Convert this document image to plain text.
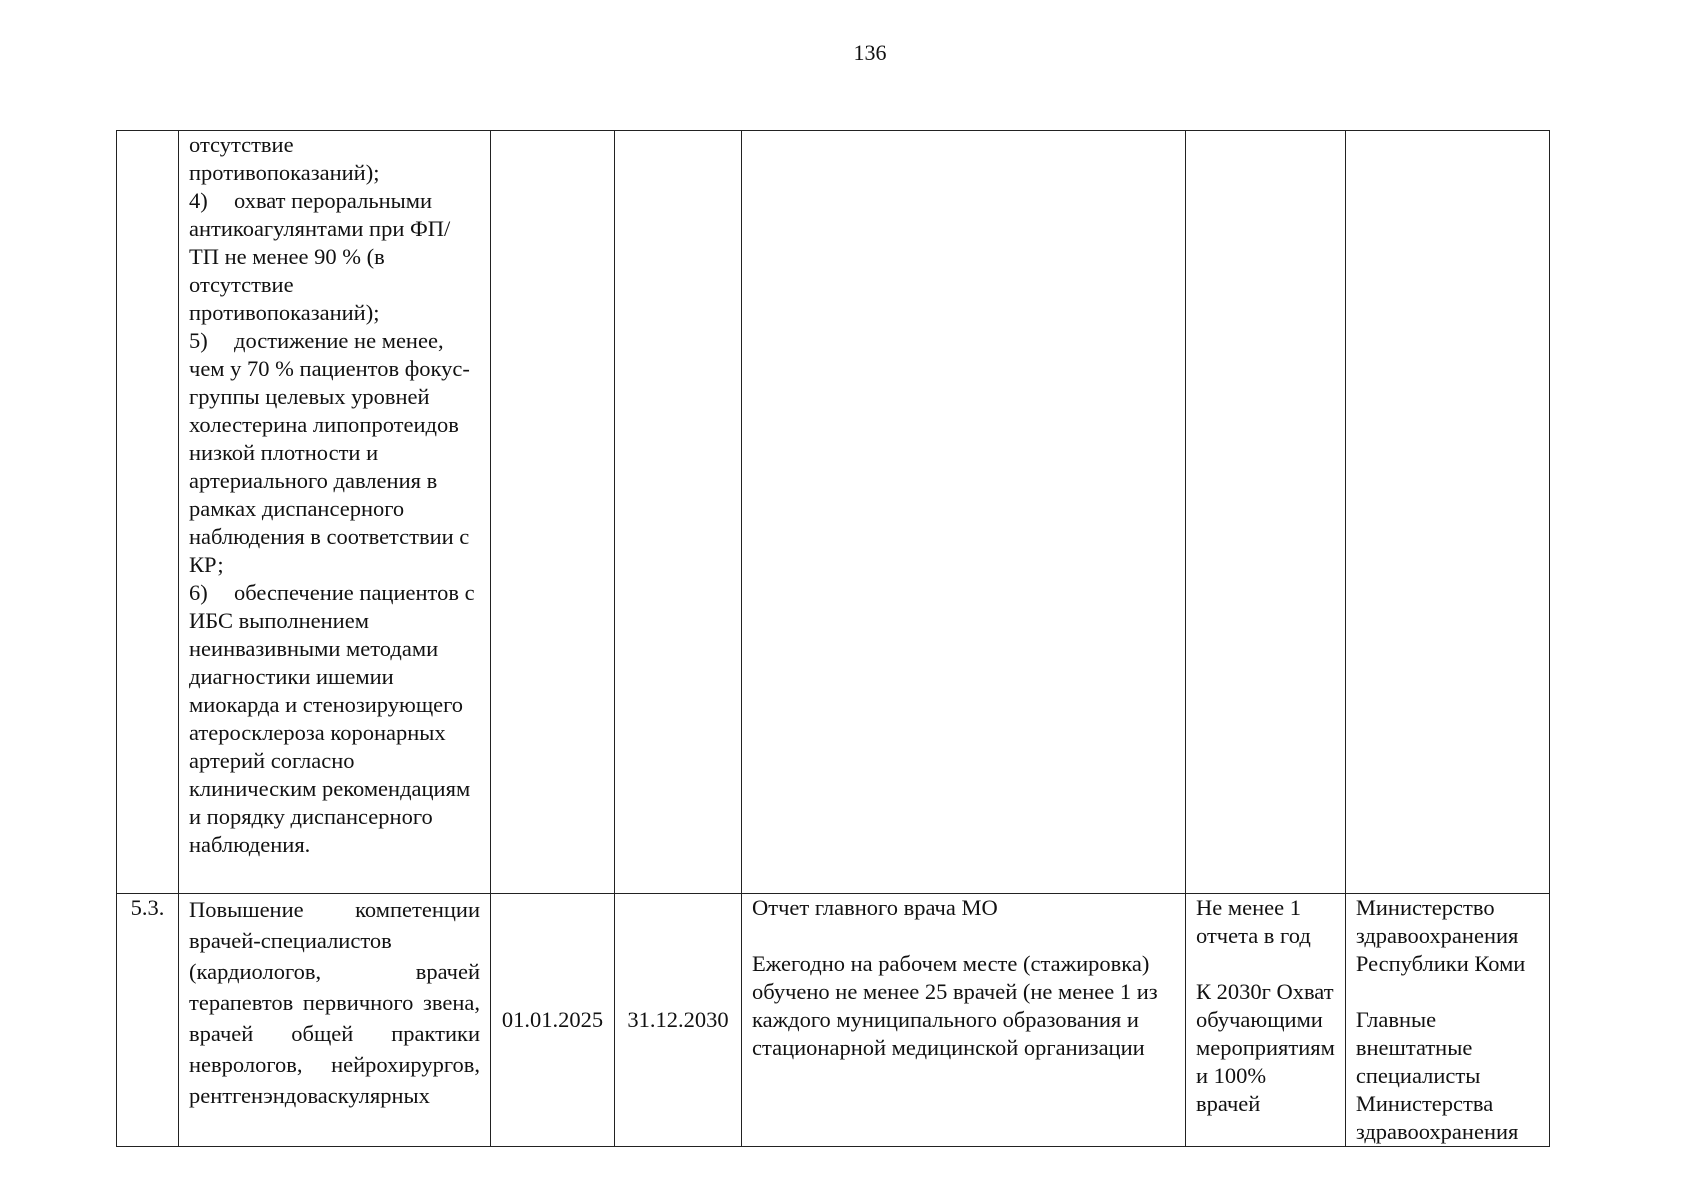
136

	отсутствие противопоказаний);
4)	охват пероральными антикоагулянтами при ФП/ТП не менее 90 % (в отсутствие противопоказаний);
5)	достижение не менее, чем у 70 % пациентов фокус-группы целевых уровней холестерина липопротеидов низкой плотности и артериального давления в рамках диспансерного наблюдения в соответствии с КР;
6)	обеспечение пациентов с ИБС выполнением неинвазивными методами диагностики ишемии миокарда и стенозирующего атеросклероза коронарных артерий согласно клиническим рекомендациям и порядку диспансерного наблюдения.					

5.3.	Повышение компетенции врачей-специалистов (кардиологов, врачей терапевтов первичного звена, врачей общей практики неврологов, нейрохирургов, рентгенэндоваскулярных	01.01.2025	31.12.2030	Отчет главного врача МО
Ежегодно на рабочем месте (стажировка) обучено не менее 25 врачей (не менее 1 из каждого муниципального образования и стационарной медицинской организации	Не менее 1 отчета в год
К 2030г Охват обучающими мероприятиям и 100% врачей	Министерство здравоохранения Республики Коми
Главные внештатные специалисты Министерства здравоохранения
